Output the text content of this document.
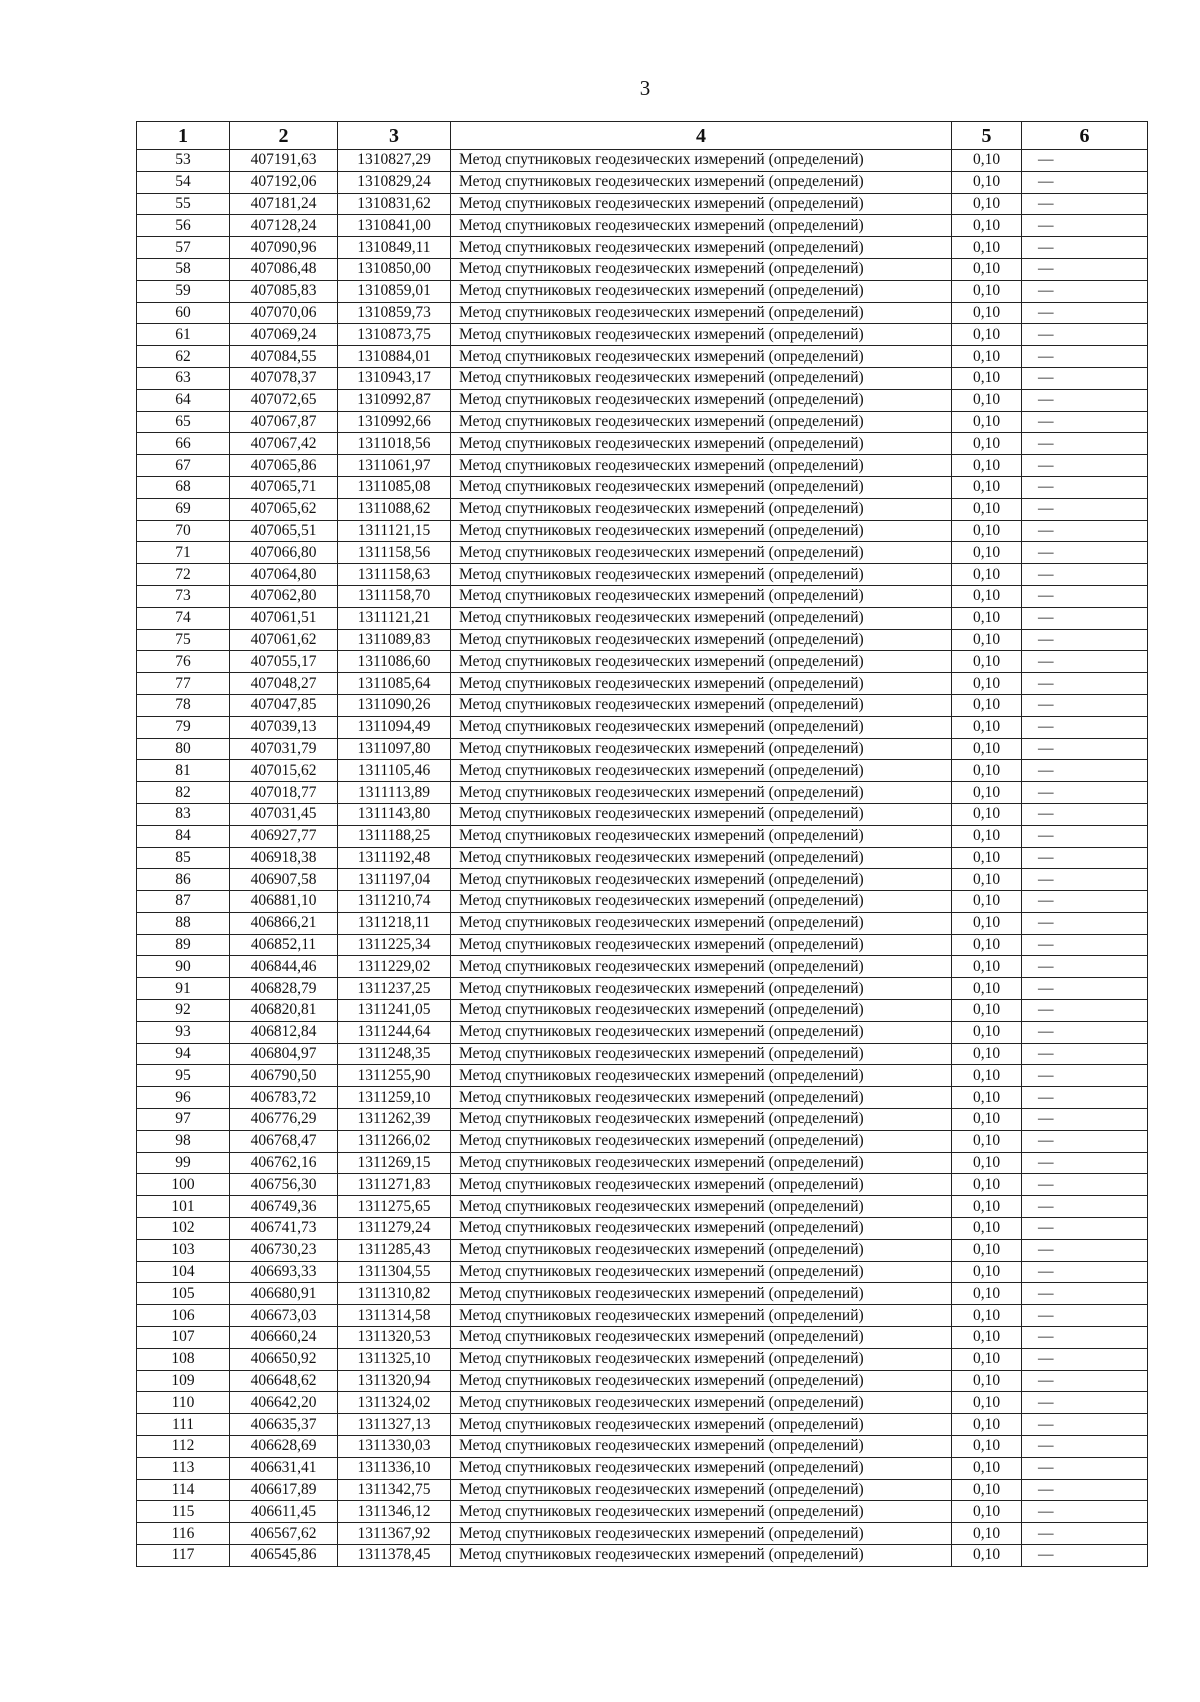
3
1	2	3	4	5	6
53	407191,63	1310827,29	Метод спутниковых геодезических измерений (определений)	0,10	—
54	407192,06	1310829,24	Метод спутниковых геодезических измерений (определений)	0,10	—
55	407181,24	1310831,62	Метод спутниковых геодезических измерений (определений)	0,10	—
56	407128,24	1310841,00	Метод спутниковых геодезических измерений (определений)	0,10	—
57	407090,96	1310849,11	Метод спутниковых геодезических измерений (определений)	0,10	—
58	407086,48	1310850,00	Метод спутниковых геодезических измерений (определений)	0,10	—
59	407085,83	1310859,01	Метод спутниковых геодезических измерений (определений)	0,10	—
60	407070,06	1310859,73	Метод спутниковых геодезических измерений (определений)	0,10	—
61	407069,24	1310873,75	Метод спутниковых геодезических измерений (определений)	0,10	—
62	407084,55	1310884,01	Метод спутниковых геодезических измерений (определений)	0,10	—
63	407078,37	1310943,17	Метод спутниковых геодезических измерений (определений)	0,10	—
64	407072,65	1310992,87	Метод спутниковых геодезических измерений (определений)	0,10	—
65	407067,87	1310992,66	Метод спутниковых геодезических измерений (определений)	0,10	—
66	407067,42	1311018,56	Метод спутниковых геодезических измерений (определений)	0,10	—
67	407065,86	1311061,97	Метод спутниковых геодезических измерений (определений)	0,10	—
68	407065,71	1311085,08	Метод спутниковых геодезических измерений (определений)	0,10	—
69	407065,62	1311088,62	Метод спутниковых геодезических измерений (определений)	0,10	—
70	407065,51	1311121,15	Метод спутниковых геодезических измерений (определений)	0,10	—
71	407066,80	1311158,56	Метод спутниковых геодезических измерений (определений)	0,10	—
72	407064,80	1311158,63	Метод спутниковых геодезических измерений (определений)	0,10	—
73	407062,80	1311158,70	Метод спутниковых геодезических измерений (определений)	0,10	—
74	407061,51	1311121,21	Метод спутниковых геодезических измерений (определений)	0,10	—
75	407061,62	1311089,83	Метод спутниковых геодезических измерений (определений)	0,10	—
76	407055,17	1311086,60	Метод спутниковых геодезических измерений (определений)	0,10	—
77	407048,27	1311085,64	Метод спутниковых геодезических измерений (определений)	0,10	—
78	407047,85	1311090,26	Метод спутниковых геодезических измерений (определений)	0,10	—
79	407039,13	1311094,49	Метод спутниковых геодезических измерений (определений)	0,10	—
80	407031,79	1311097,80	Метод спутниковых геодезических измерений (определений)	0,10	—
81	407015,62	1311105,46	Метод спутниковых геодезических измерений (определений)	0,10	—
82	407018,77	1311113,89	Метод спутниковых геодезических измерений (определений)	0,10	—
83	407031,45	1311143,80	Метод спутниковых геодезических измерений (определений)	0,10	—
84	406927,77	1311188,25	Метод спутниковых геодезических измерений (определений)	0,10	—
85	406918,38	1311192,48	Метод спутниковых геодезических измерений (определений)	0,10	—
86	406907,58	1311197,04	Метод спутниковых геодезических измерений (определений)	0,10	—
87	406881,10	1311210,74	Метод спутниковых геодезических измерений (определений)	0,10	—
88	406866,21	1311218,11	Метод спутниковых геодезических измерений (определений)	0,10	—
89	406852,11	1311225,34	Метод спутниковых геодезических измерений (определений)	0,10	—
90	406844,46	1311229,02	Метод спутниковых геодезических измерений (определений)	0,10	—
91	406828,79	1311237,25	Метод спутниковых геодезических измерений (определений)	0,10	—
92	406820,81	1311241,05	Метод спутниковых геодезических измерений (определений)	0,10	—
93	406812,84	1311244,64	Метод спутниковых геодезических измерений (определений)	0,10	—
94	406804,97	1311248,35	Метод спутниковых геодезических измерений (определений)	0,10	—
95	406790,50	1311255,90	Метод спутниковых геодезических измерений (определений)	0,10	—
96	406783,72	1311259,10	Метод спутниковых геодезических измерений (определений)	0,10	—
97	406776,29	1311262,39	Метод спутниковых геодезических измерений (определений)	0,10	—
98	406768,47	1311266,02	Метод спутниковых геодезических измерений (определений)	0,10	—
99	406762,16	1311269,15	Метод спутниковых геодезических измерений (определений)	0,10	—
100	406756,30	1311271,83	Метод спутниковых геодезических измерений (определений)	0,10	—
101	406749,36	1311275,65	Метод спутниковых геодезических измерений (определений)	0,10	—
102	406741,73	1311279,24	Метод спутниковых геодезических измерений (определений)	0,10	—
103	406730,23	1311285,43	Метод спутниковых геодезических измерений (определений)	0,10	—
104	406693,33	1311304,55	Метод спутниковых геодезических измерений (определений)	0,10	—
105	406680,91	1311310,82	Метод спутниковых геодезических измерений (определений)	0,10	—
106	406673,03	1311314,58	Метод спутниковых геодезических измерений (определений)	0,10	—
107	406660,24	1311320,53	Метод спутниковых геодезических измерений (определений)	0,10	—
108	406650,92	1311325,10	Метод спутниковых геодезических измерений (определений)	0,10	—
109	406648,62	1311320,94	Метод спутниковых геодезических измерений (определений)	0,10	—
110	406642,20	1311324,02	Метод спутниковых геодезических измерений (определений)	0,10	—
111	406635,37	1311327,13	Метод спутниковых геодезических измерений (определений)	0,10	—
112	406628,69	1311330,03	Метод спутниковых геодезических измерений (определений)	0,10	—
113	406631,41	1311336,10	Метод спутниковых геодезических измерений (определений)	0,10	—
114	406617,89	1311342,75	Метод спутниковых геодезических измерений (определений)	0,10	—
115	406611,45	1311346,12	Метод спутниковых геодезических измерений (определений)	0,10	—
116	406567,62	1311367,92	Метод спутниковых геодезических измерений (определений)	0,10	—
117	406545,86	1311378,45	Метод спутниковых геодезических измерений (определений)	0,10	—
